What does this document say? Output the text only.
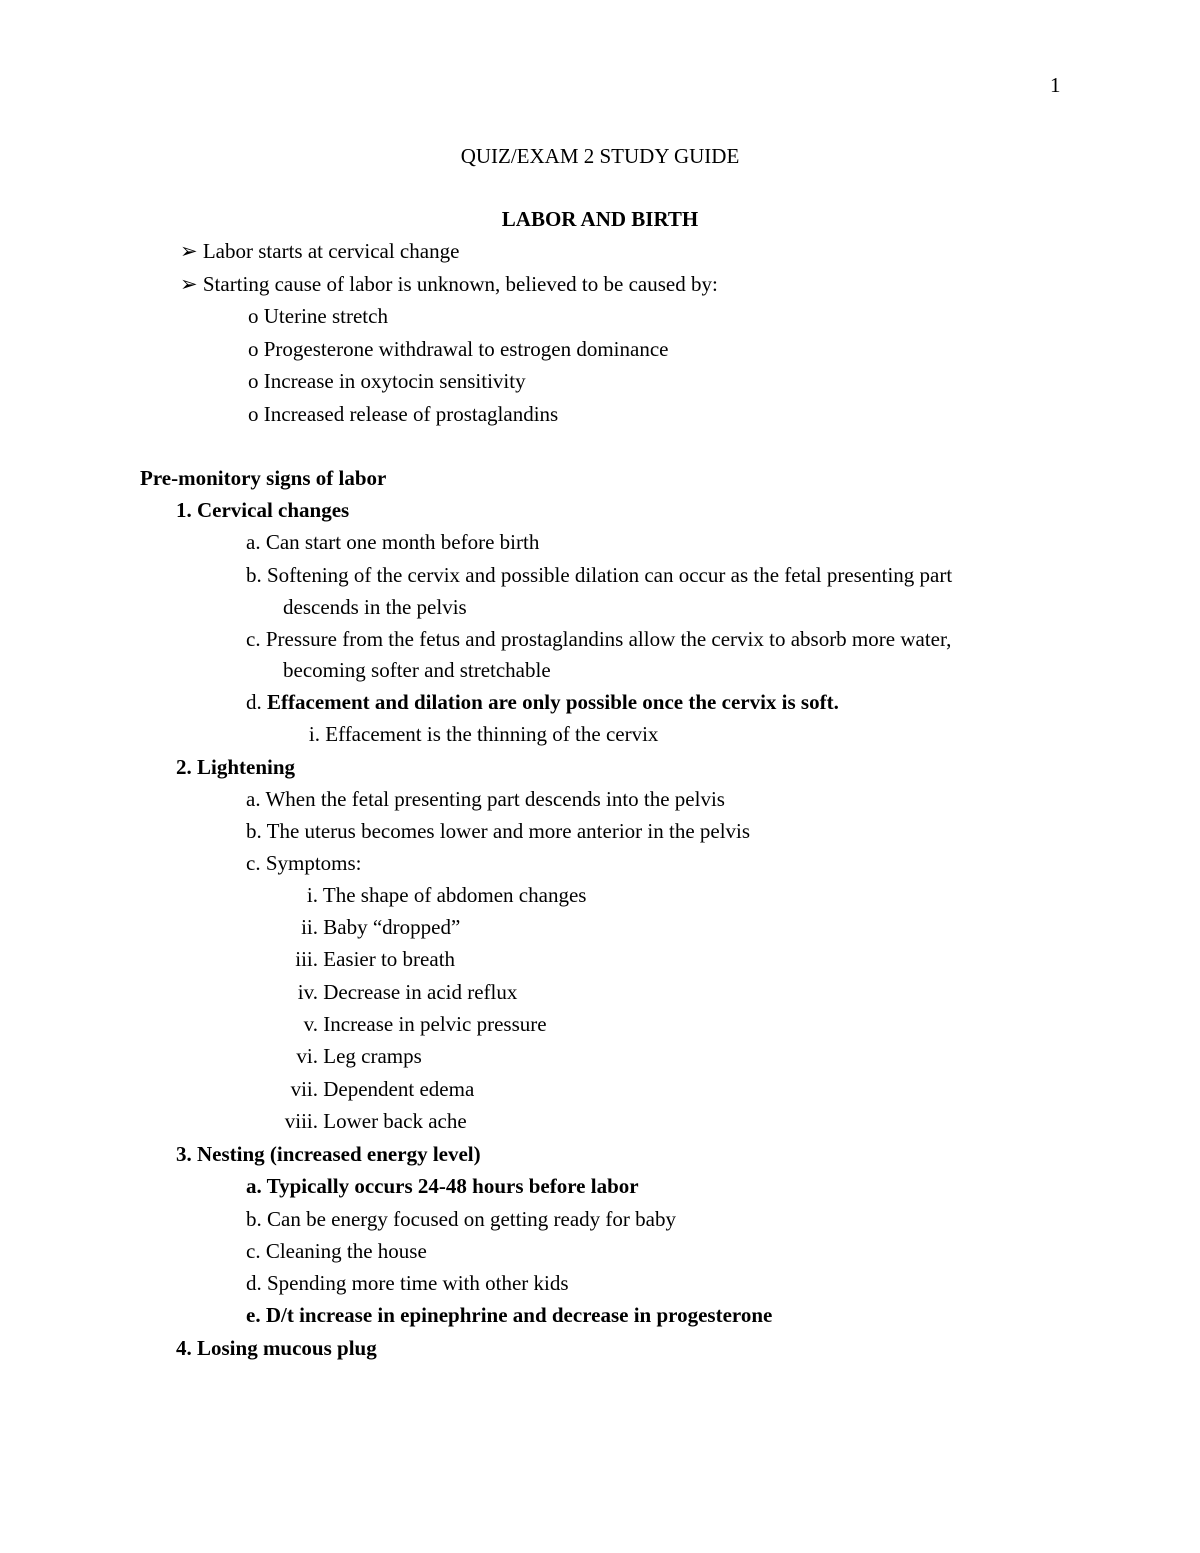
1
QUIZ/EXAM 2 STUDY GUIDE
LABOR AND BIRTH
➢ Labor starts at cervical change
➢ Starting cause of labor is unknown, believed to be caused by:
o Uterine stretch
o Progesterone withdrawal to estrogen dominance
o Increase in oxytocin sensitivity
o Increased release of prostaglandins
Pre-monitory signs of labor
1. Cervical changes
a. Can start one month before birth
b. Softening of the cervix and possible dilation can occur as the fetal presenting part
descends in the pelvis
c. Pressure from the fetus and prostaglandins allow the cervix to absorb more water,
becoming softer and stretchable
d. Effacement and dilation are only possible once the cervix is soft.
i. Effacement is the thinning of the cervix
2. Lightening
a. When the fetal presenting part descends into the pelvis
b. The uterus becomes lower and more anterior in the pelvis
c. Symptoms:
i. The shape of abdomen changes
ii. Baby “dropped”
iii. Easier to breath
iv. Decrease in acid reflux
v. Increase in pelvic pressure
vi. Leg cramps
vii. Dependent edema
viii. Lower back ache
3. Nesting (increased energy level)
a. Typically occurs 24-48 hours before labor
b. Can be energy focused on getting ready for baby
c. Cleaning the house
d. Spending more time with other kids
e. D/t increase in epinephrine and decrease in progesterone
4. Losing mucous plug
